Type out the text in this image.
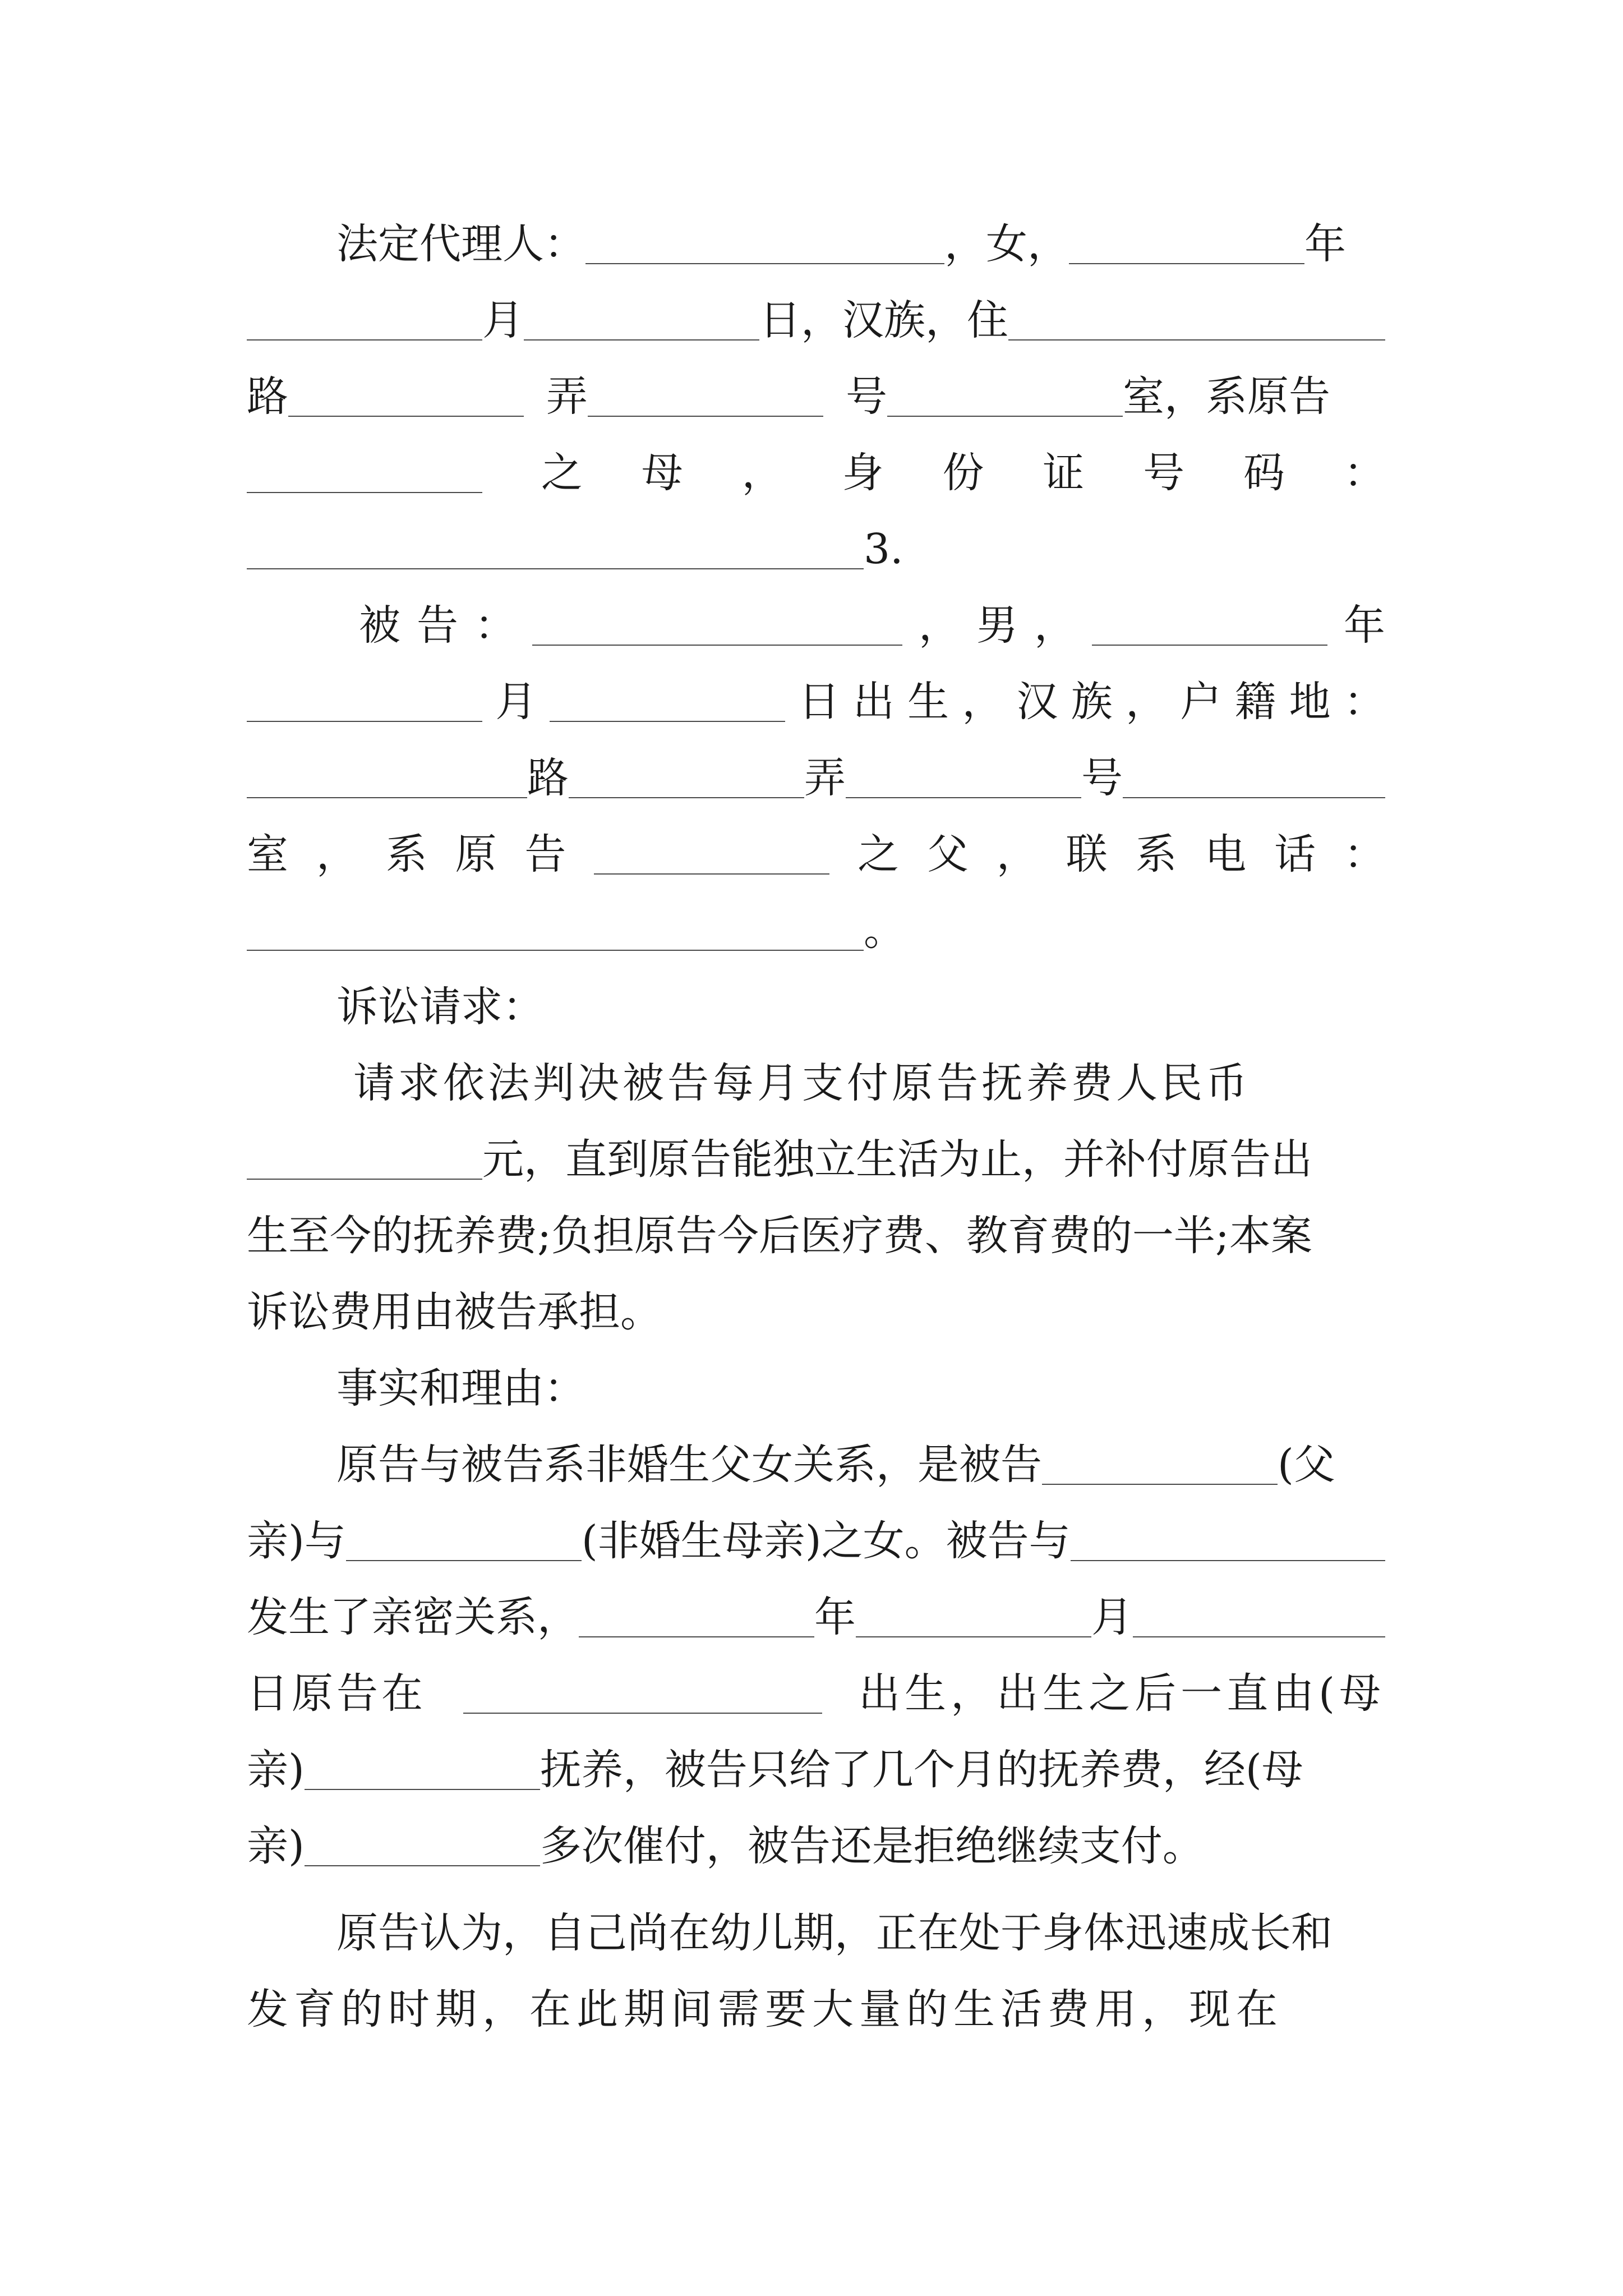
法定代理人：	，女，	年
月	日，汉族，住
路	弄	号	室，系原告
之 母 ， 身 份 证 号 码 ：
3.
被 告 ：	， 男 ，	年
月	日 出 生 ， 汉 族 ， 户 籍 地 ：
路	弄	号
室 ， 系 原 告	之 父 ， 联 系 电 话 ：
。
诉讼请求：
请求依法判决被告每月支付原告抚养费人民币
元，直到原告能独立生活为止，并补付原告出
生至今的抚养费;负担原告今后医疗费、教育费的一半;本案
诉讼费用由被告承担。
事实和理由：
原告与被告系非婚生父女关系，是被告	(父
亲)与	(非婚生母亲)之女。被告与
发生了亲密关系，	年	月
日原告在	出生，出生之后一直由(母
亲)	抚养，被告只给了几个月的抚养费，经(母
亲)	多次催付，被告还是拒绝继续支付。
原告认为，自己尚在幼儿期，正在处于身体迅速成长和
发育的时期，在此期间需要大量的生活费用，现在
